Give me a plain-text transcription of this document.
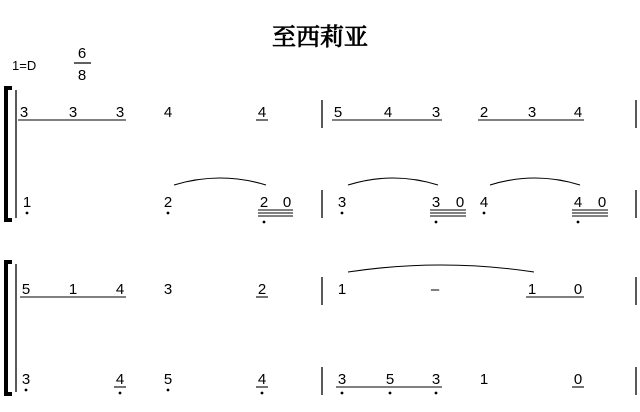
至西莉亚
1=D
6
8
3	3	3	4	4	5	4	3	2	3	4
1	2	2 0	3	3 0 4	4 0
5	1	4	3	2	1	–	1	0
3	4	5	4	3	5	3	1	0
